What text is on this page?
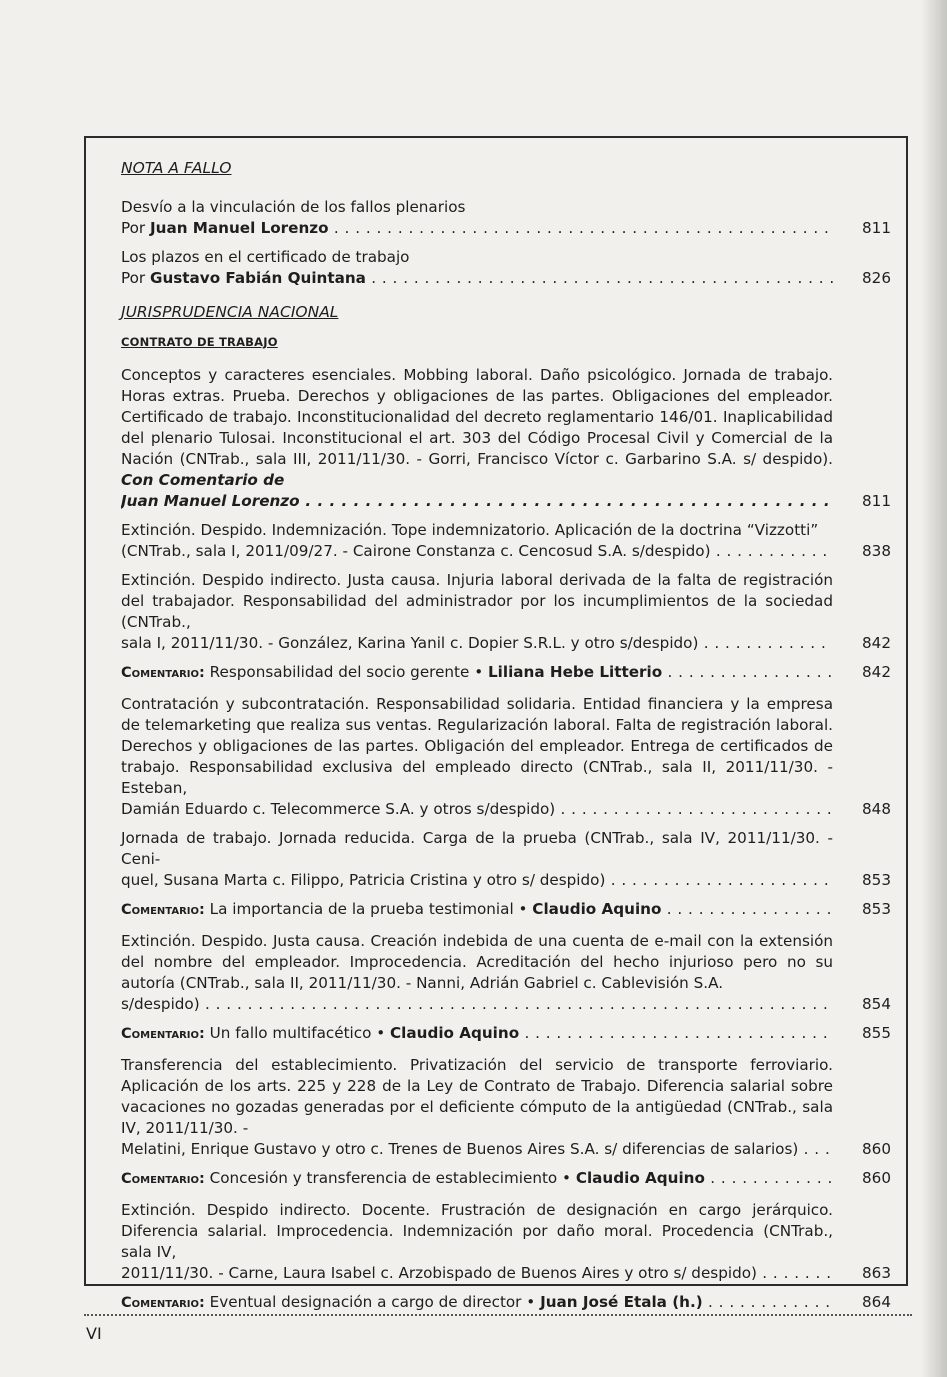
NOTA A FALLO
Desvío a la vinculación de los fallos plenarios
Por Juan Manuel Lorenzo . . .	811
Los plazos en el certificado de trabajo
Por Gustavo Fabián Quintana . . .	826
JURISPRUDENCIA NACIONAL
CONTRATO DE TRABAJO
Conceptos y caracteres esenciales. Mobbing laboral. Daño psicológico. Jornada de trabajo. Horas extras. Prueba. Derechos y obligaciones de las partes. Obligaciones del empleador. Certificado de trabajo. Inconstitucionalidad del decreto reglamentario 146/01. Inaplicabilidad del plenario Tulosai. Inconstitucional el art. 303 del Código Procesal Civil y Comercial de la Nación (CNTrab., sala III, 2011/11/30. - Gorri, Francisco Víctor c. Garbarino S.A. s/ despido). Con Comentario de
Juan Manuel Lorenzo . . .	811
Extinción. Despido. Indemnización. Tope indemnizatorio. Aplicación de la doctrina “Vizzotti”
(CNTrab., sala I, 2011/09/27. - Cairone Constanza c. Cencosud S.A. s/despido) . . .	838
Extinción. Despido indirecto. Justa causa. Injuria laboral derivada de la falta de registración del trabajador. Responsabilidad del administrador por los incumplimientos de la sociedad (CNTrab.,
sala I, 2011/11/30. - González, Karina Yanil c. Dopier S.R.L. y otro s/despido) . . .	842
Comentario: Responsabilidad del socio gerente • Liliana Hebe Litterio . . .	842
Contratación y subcontratación. Responsabilidad solidaria. Entidad financiera y la empresa de telemarketing que realiza sus ventas. Regularización laboral. Falta de registración laboral. Derechos y obligaciones de las partes. Obligación del empleador. Entrega de certificados de trabajo. Responsabilidad exclusiva del empleado directo (CNTrab., sala II, 2011/11/30. - Esteban,
Damián Eduardo c. Telecommerce S.A. y otros s/despido) . . .	848
Jornada de trabajo. Jornada reducida. Carga de la prueba (CNTrab., sala IV, 2011/11/30. - Ceni-
quel, Susana Marta c. Filippo, Patricia Cristina y otro s/ despido) . . .	853
Comentario: La importancia de la prueba testimonial • Claudio Aquino . . .	853
Extinción. Despido. Justa causa. Creación indebida de una cuenta de e-mail con la extensión del nombre del empleador. Improcedencia. Acreditación del hecho injurioso pero no su autoría (CNTrab., sala II, 2011/11/30. - Nanni, Adrián Gabriel c. Cablevisión S.A.
s/despido) . . .	854
Comentario: Un fallo multifacético • Claudio Aquino . . .	855
Transferencia del establecimiento. Privatización del servicio de transporte ferroviario. Aplicación de los arts. 225 y 228 de la Ley de Contrato de Trabajo. Diferencia salarial sobre vacaciones no gozadas generadas por el deficiente cómputo de la antigüedad (CNTrab., sala IV, 2011/11/30. -
Melatini, Enrique Gustavo y otro c. Trenes de Buenos Aires S.A. s/ diferencias de salarios) . . .	860
Comentario: Concesión y transferencia de establecimiento • Claudio Aquino . . .	860
Extinción. Despido indirecto. Docente. Frustración de designación en cargo jerárquico. Diferencia salarial. Improcedencia. Indemnización por daño moral. Procedencia (CNTrab., sala IV,
2011/11/30. - Carne, Laura Isabel c. Arzobispado de Buenos Aires y otro s/ despido) . . .	863
Comentario: Eventual designación a cargo de director • Juan José Etala (h.) . . .	864
VI
